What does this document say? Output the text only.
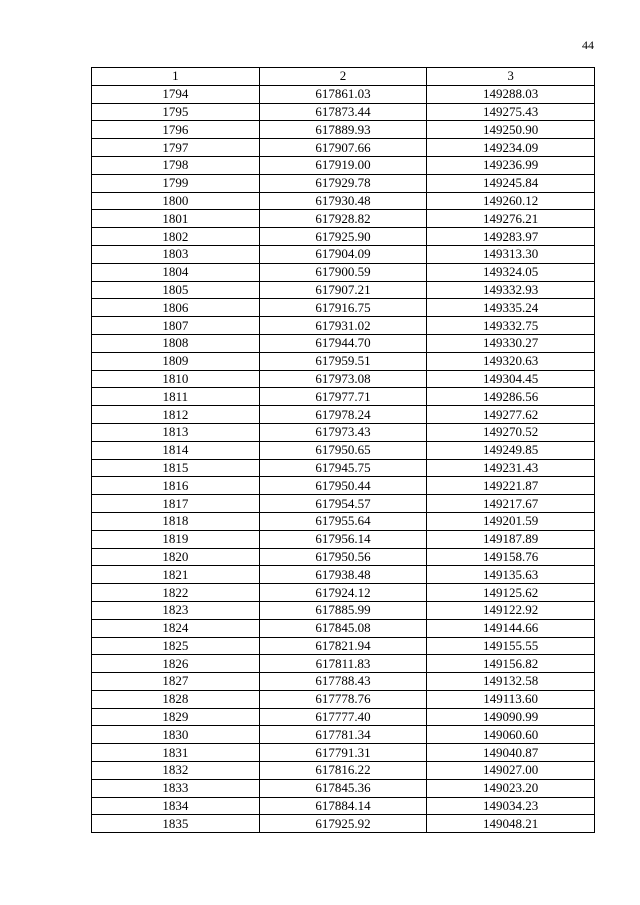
44
1	2	3
1794	617861.03	149288.03
1795	617873.44	149275.43
1796	617889.93	149250.90
1797	617907.66	149234.09
1798	617919.00	149236.99
1799	617929.78	149245.84
1800	617930.48	149260.12
1801	617928.82	149276.21
1802	617925.90	149283.97
1803	617904.09	149313.30
1804	617900.59	149324.05
1805	617907.21	149332.93
1806	617916.75	149335.24
1807	617931.02	149332.75
1808	617944.70	149330.27
1809	617959.51	149320.63
1810	617973.08	149304.45
1811	617977.71	149286.56
1812	617978.24	149277.62
1813	617973.43	149270.52
1814	617950.65	149249.85
1815	617945.75	149231.43
1816	617950.44	149221.87
1817	617954.57	149217.67
1818	617955.64	149201.59
1819	617956.14	149187.89
1820	617950.56	149158.76
1821	617938.48	149135.63
1822	617924.12	149125.62
1823	617885.99	149122.92
1824	617845.08	149144.66
1825	617821.94	149155.55
1826	617811.83	149156.82
1827	617788.43	149132.58
1828	617778.76	149113.60
1829	617777.40	149090.99
1830	617781.34	149060.60
1831	617791.31	149040.87
1832	617816.22	149027.00
1833	617845.36	149023.20
1834	617884.14	149034.23
1835	617925.92	149048.21
